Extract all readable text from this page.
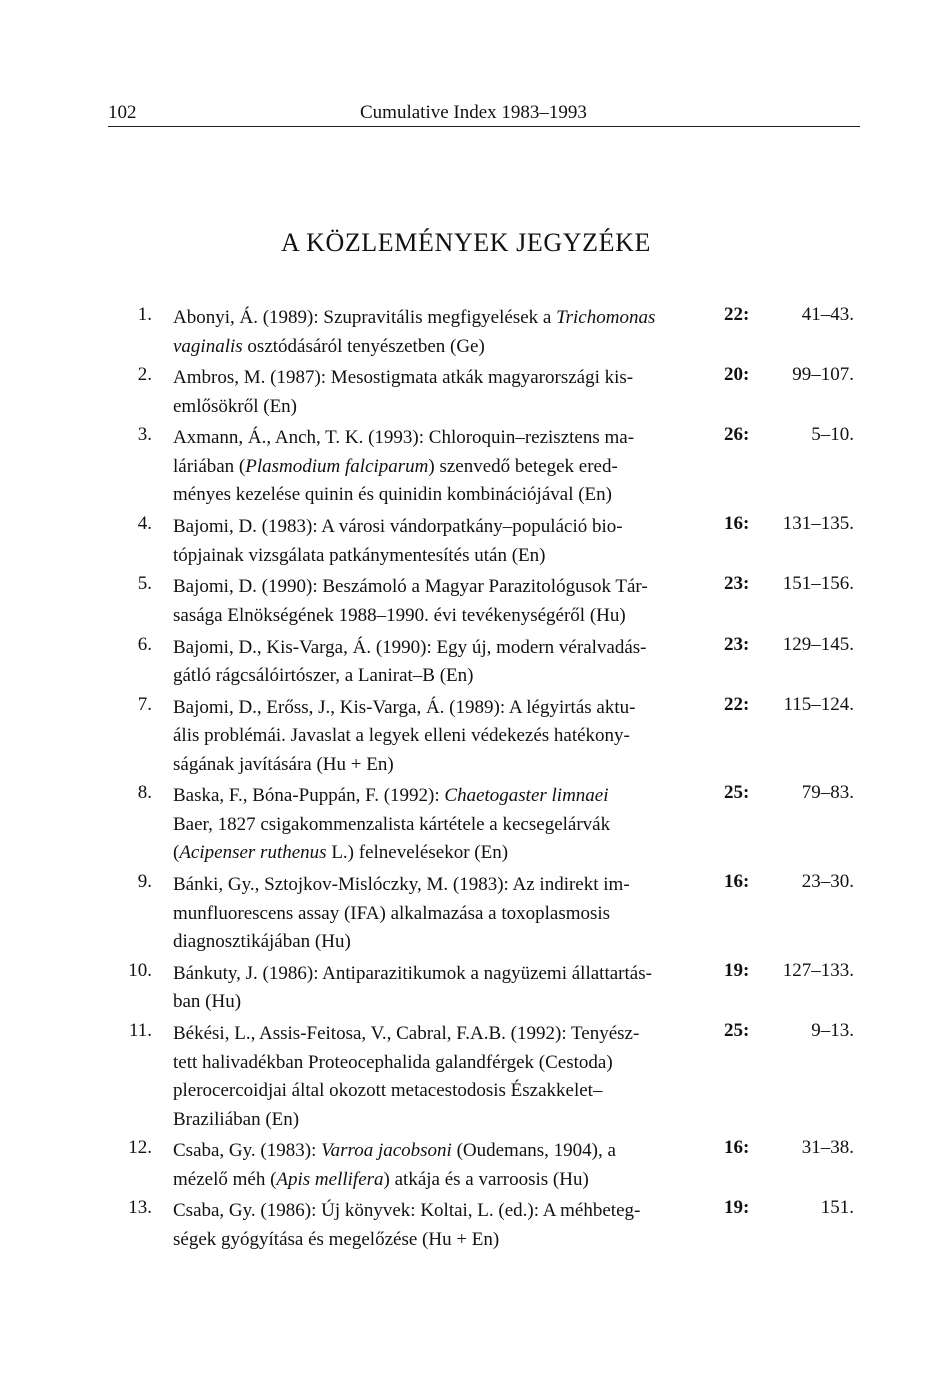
102	Cumulative Index 1983–1993
A KÖZLEMÉNYEK JEGYZÉKE
1. Abonyi, Á. (1989): Szupravitális megfigyelések a Trichomonas
vaginalis osztódásáról tenyészetben (Ge)
22:	41–43.
2. Ambros, M. (1987): Mesostigmata atkák magyarországi kis-
emlősökről (En)
20: 99–107.
3. Axmann, Á., Anch, T. K. (1993): Chloroquin–rezisztens ma-
láriában (Plasmodium falciparum) szenvedő betegek ered-
ményes kezelése quinin és quinidin kombinációjával (En)
26:	5–10.
4. Bajomi, D. (1983): A városi vándorpatkány–populáció bio-
tópjainak vizsgálata patkánymentesítés után (En)
16: 131–135.
5. Bajomi, D. (1990): Beszámoló a Magyar Parazitológusok Tár-
sasága Elnökségének 1988–1990. évi tevékenységéről (Hu)
23: 151–156.
6. Bajomi, D., Kis-Varga, Á. (1990): Egy új, modern véralvadás-
gátló rágcsálóirtószer, a Lanirat–B (En)
23: 129–145.
7. Bajomi, D., Erőss, J., Kis-Varga, Á. (1989): A légyirtás aktu-
ális problémái. Javaslat a legyek elleni védekezés hatékony-
ságának javítására (Hu + En)
22: 115–124.
8. Baska, F., Bóna-Puppán, F. (1992): Chaetogaster limnaei
Baer, 1827 csigakommenzalista kártétele a kecsegelárvák
(Acipenser ruthenus L.) felnevelésekor (En)
25:	79–83.
9. Bánki, Gy., Sztojkov-Mislóczky, M. (1983): Az indirekt im-
munfluorescens assay (IFA) alkalmazása a toxoplasmosis
diagnosztikájában (Hu)
16:	23–30.
10. Bánkuty, J. (1986): Antiparazitikumok a nagyüzemi állattartás-
ban (Hu)
19: 127–133.
11. Békési, L., Assis-Feitosa, V., Cabral, F.A.B. (1992): Tenyész-
tett halivadékban Proteocephalida galandférgek (Cestoda)
plerocercoidjai által okozott metacestodosis Északkelet–
Braziliában (En)
25:	9–13.
12. Csaba, Gy. (1983): Varroa jacobsoni (Oudemans, 1904), a
mézelő méh (Apis mellifera) atkája és a varroosis (Hu)
16:	31–38.
13. Csaba, Gy. (1986): Új könyvek: Koltai, L. (ed.): A méhbeteg-
ségek gyógyítása és megelőzése (Hu + En)
19:	151.
